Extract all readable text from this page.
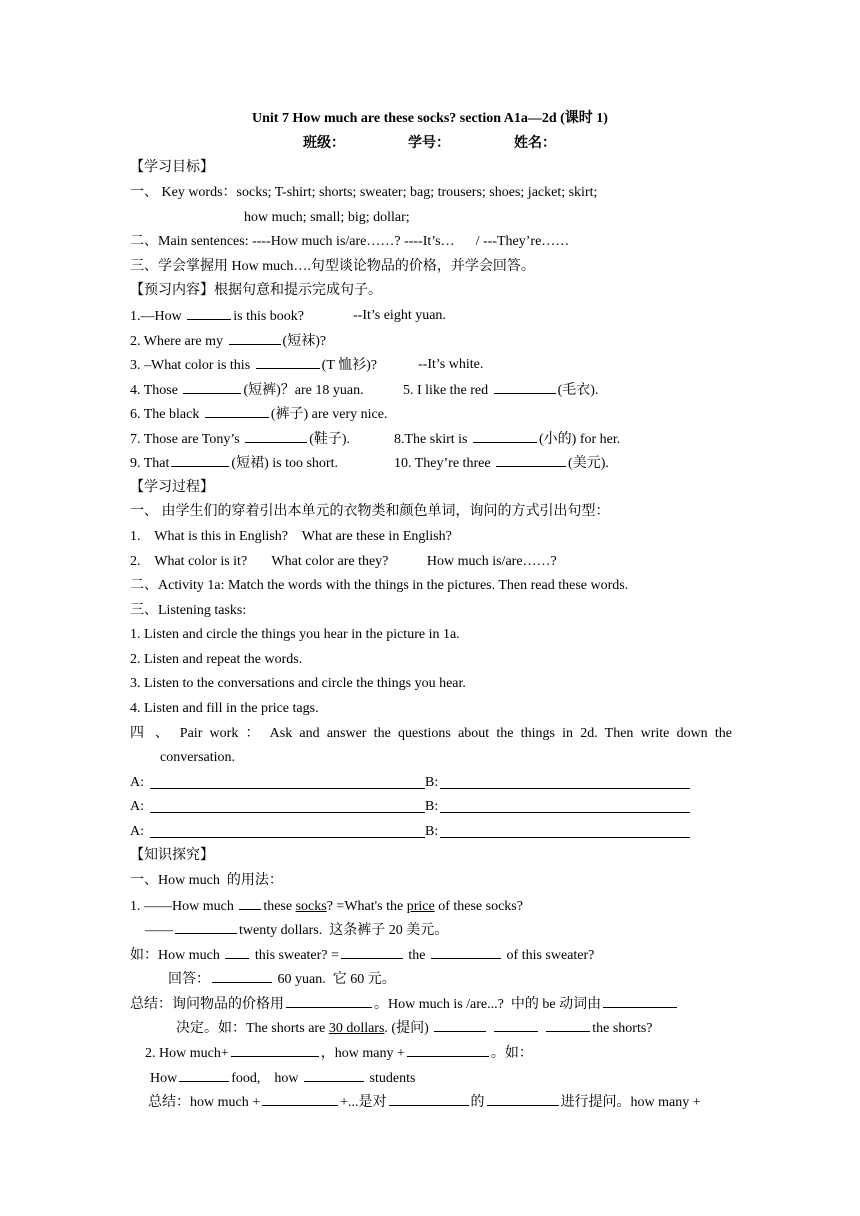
Unit 7 How much are these socks? section A1a—2d (课时 1)
班级：	学号：	姓名：
【学习目标】
一、 Key words：socks; T-shirt; shorts; sweater; bag; trousers; shoes; jacket; skirt;
how much; small; big; dollar;
二、Main sentences: ----How much is/are……? ----It’s…      / ---They’re……
三、学会掌握用 How much….句型谈论物品的价格，并学会回答。
【预习内容】根据句意和提示完成句子。
1.—How	is this book?	--It’s eight yuan.
2. Where are my	(短袜)?
3. –What color is this	(T 恤衫)?	--It’s white.
4. Those	(短裤)？are 18 yuan.	5. I like the red	(毛衣).
6. The black	(裤子) are very nice.
7. Those are Tony’s	(鞋子).	8.The skirt is	(小的) for her.
9. That	(短裙) is too short.	10. They’re three	(美元).
【学习过程】
一、 由学生们的穿着引出本单元的衣物类和颜色单词，询问的方式引出句型：
1.    What is this in English?    What are these in English?
2.    What color is it?       What color are they?           How much is/are……?
二、Activity 1a: Match the words with the things in the pictures. Then read these words.
三、Listening tasks:
1. Listen and circle the things you hear in the picture in 1a.
2. Listen and repeat the words.
3. Listen to the conversations and circle the things you hear.
4. Listen and fill in the price tags.
四 、 Pair work ： Ask and answer the questions about the things in 2d. Then write down the
conversation.
A:	B:
A:	B:
A:	B:
【知识探究】
一、How much  的用法：
1. ——How much these socks? =What's the price of these socks?
——	twenty dollars.  这条裤子 20 美元。
如：How much  this sweater? =	the	of this sweater?
回答：	60 yuan.  它 60 元。
总结：询问物品的价格用	。How much is /are...?  中的 be 动词由
决定。如：The shorts are 30 dollars. (提问)	the shorts?
2. How much+	，how many +	。如：
How	food,    how	students
总结：how much +	+...是对	的	进行提问。how many +
